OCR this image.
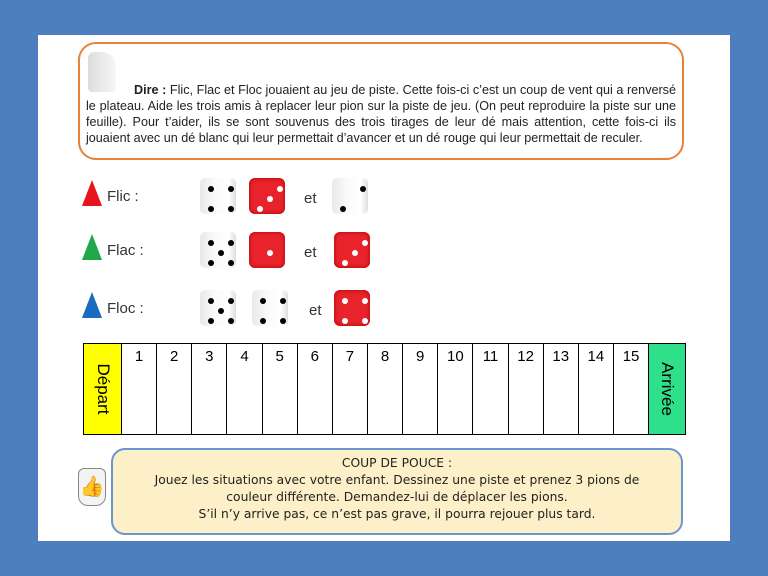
Dire : Flic, Flac et Floc jouaient au jeu de piste. Cette fois-ci c’est un coup de vent qui a renversé le plateau. Aide les trois amis à replacer leur pion sur la piste de jeu. (On peut reproduire la piste sur une feuille). Pour t’aider, ils se sont souvenus des trois tirages de leur dé mais attention, cette fois-ci ils jouaient avec un dé blanc qui leur permettait d’avancer et un dé rouge qui leur permettait de reculer.
Flic :	et
Flac :	et
Floc :	et
Départ
1	2	3	4	5	6	7	8	9	10	11	12	13	14	15
Arrivée
👍
COUP DE POUCE :
Jouez les situations avec votre enfant. Dessinez une piste et prenez 3 pions de
couleur différente. Demandez-lui de déplacer les pions.
S’il n’y arrive pas, ce n’est pas grave, il pourra rejouer plus tard.
